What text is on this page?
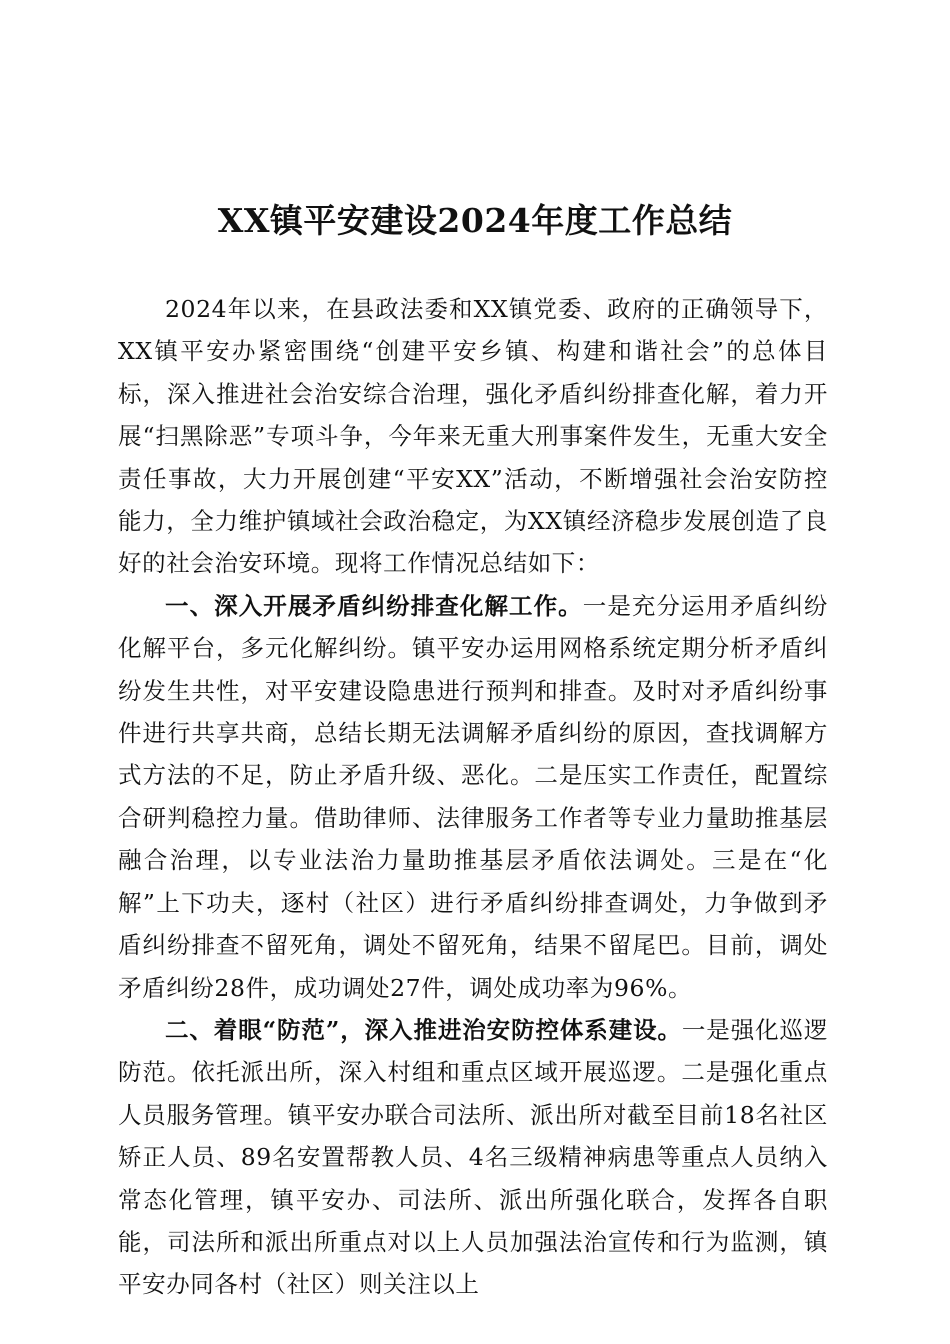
XX镇平安建设2024年度工作总结

2024年以来，在县政法委和XX镇党委、政府的正确领导下，XX镇平安办紧密围绕“创建平安乡镇、构建和谐社会”的总体目标，深入推进社会治安综合治理，强化矛盾纠纷排查化解，着力开展“扫黑除恶”专项斗争，今年来无重大刑事案件发生，无重大安全责任事故，大力开展创建“平安XX”活动，不断增强社会治安防控能力，全力维护镇域社会政治稳定，为XX镇经济稳步发展创造了良好的社会治安环境。现将工作情况总结如下：

一、深入开展矛盾纠纷排查化解工作。一是充分运用矛盾纠纷化解平台，多元化解纠纷。镇平安办运用网格系统定期分析矛盾纠纷发生共性，对平安建设隐患进行预判和排查。及时对矛盾纠纷事件进行共享共商，总结长期无法调解矛盾纠纷的原因，查找调解方式方法的不足，防止矛盾升级、恶化。二是压实工作责任，配置综合研判稳控力量。借助律师、法律服务工作者等专业力量助推基层融合治理，以专业法治力量助推基层矛盾依法调处。三是在“化解”上下功夫，逐村（社区）进行矛盾纠纷排查调处，力争做到矛盾纠纷排查不留死角，调处不留死角，结果不留尾巴。目前，调处矛盾纠纷28件，成功调处27件，调处成功率为96%。

二、着眼“防范”，深入推进治安防控体系建设。一是强化巡逻防范。依托派出所，深入村组和重点区域开展巡逻。二是强化重点人员服务管理。镇平安办联合司法所、派出所对截至目前18名社区矫正人员、89名安置帮教人员、4名三级精神病患等重点人员纳入常态化管理，镇平安办、司法所、派出所强化联合，发挥各自职能，司法所和派出所重点对以上人员加强法治宣传和行为监测，镇平安办同各村（社区）则关注以上
